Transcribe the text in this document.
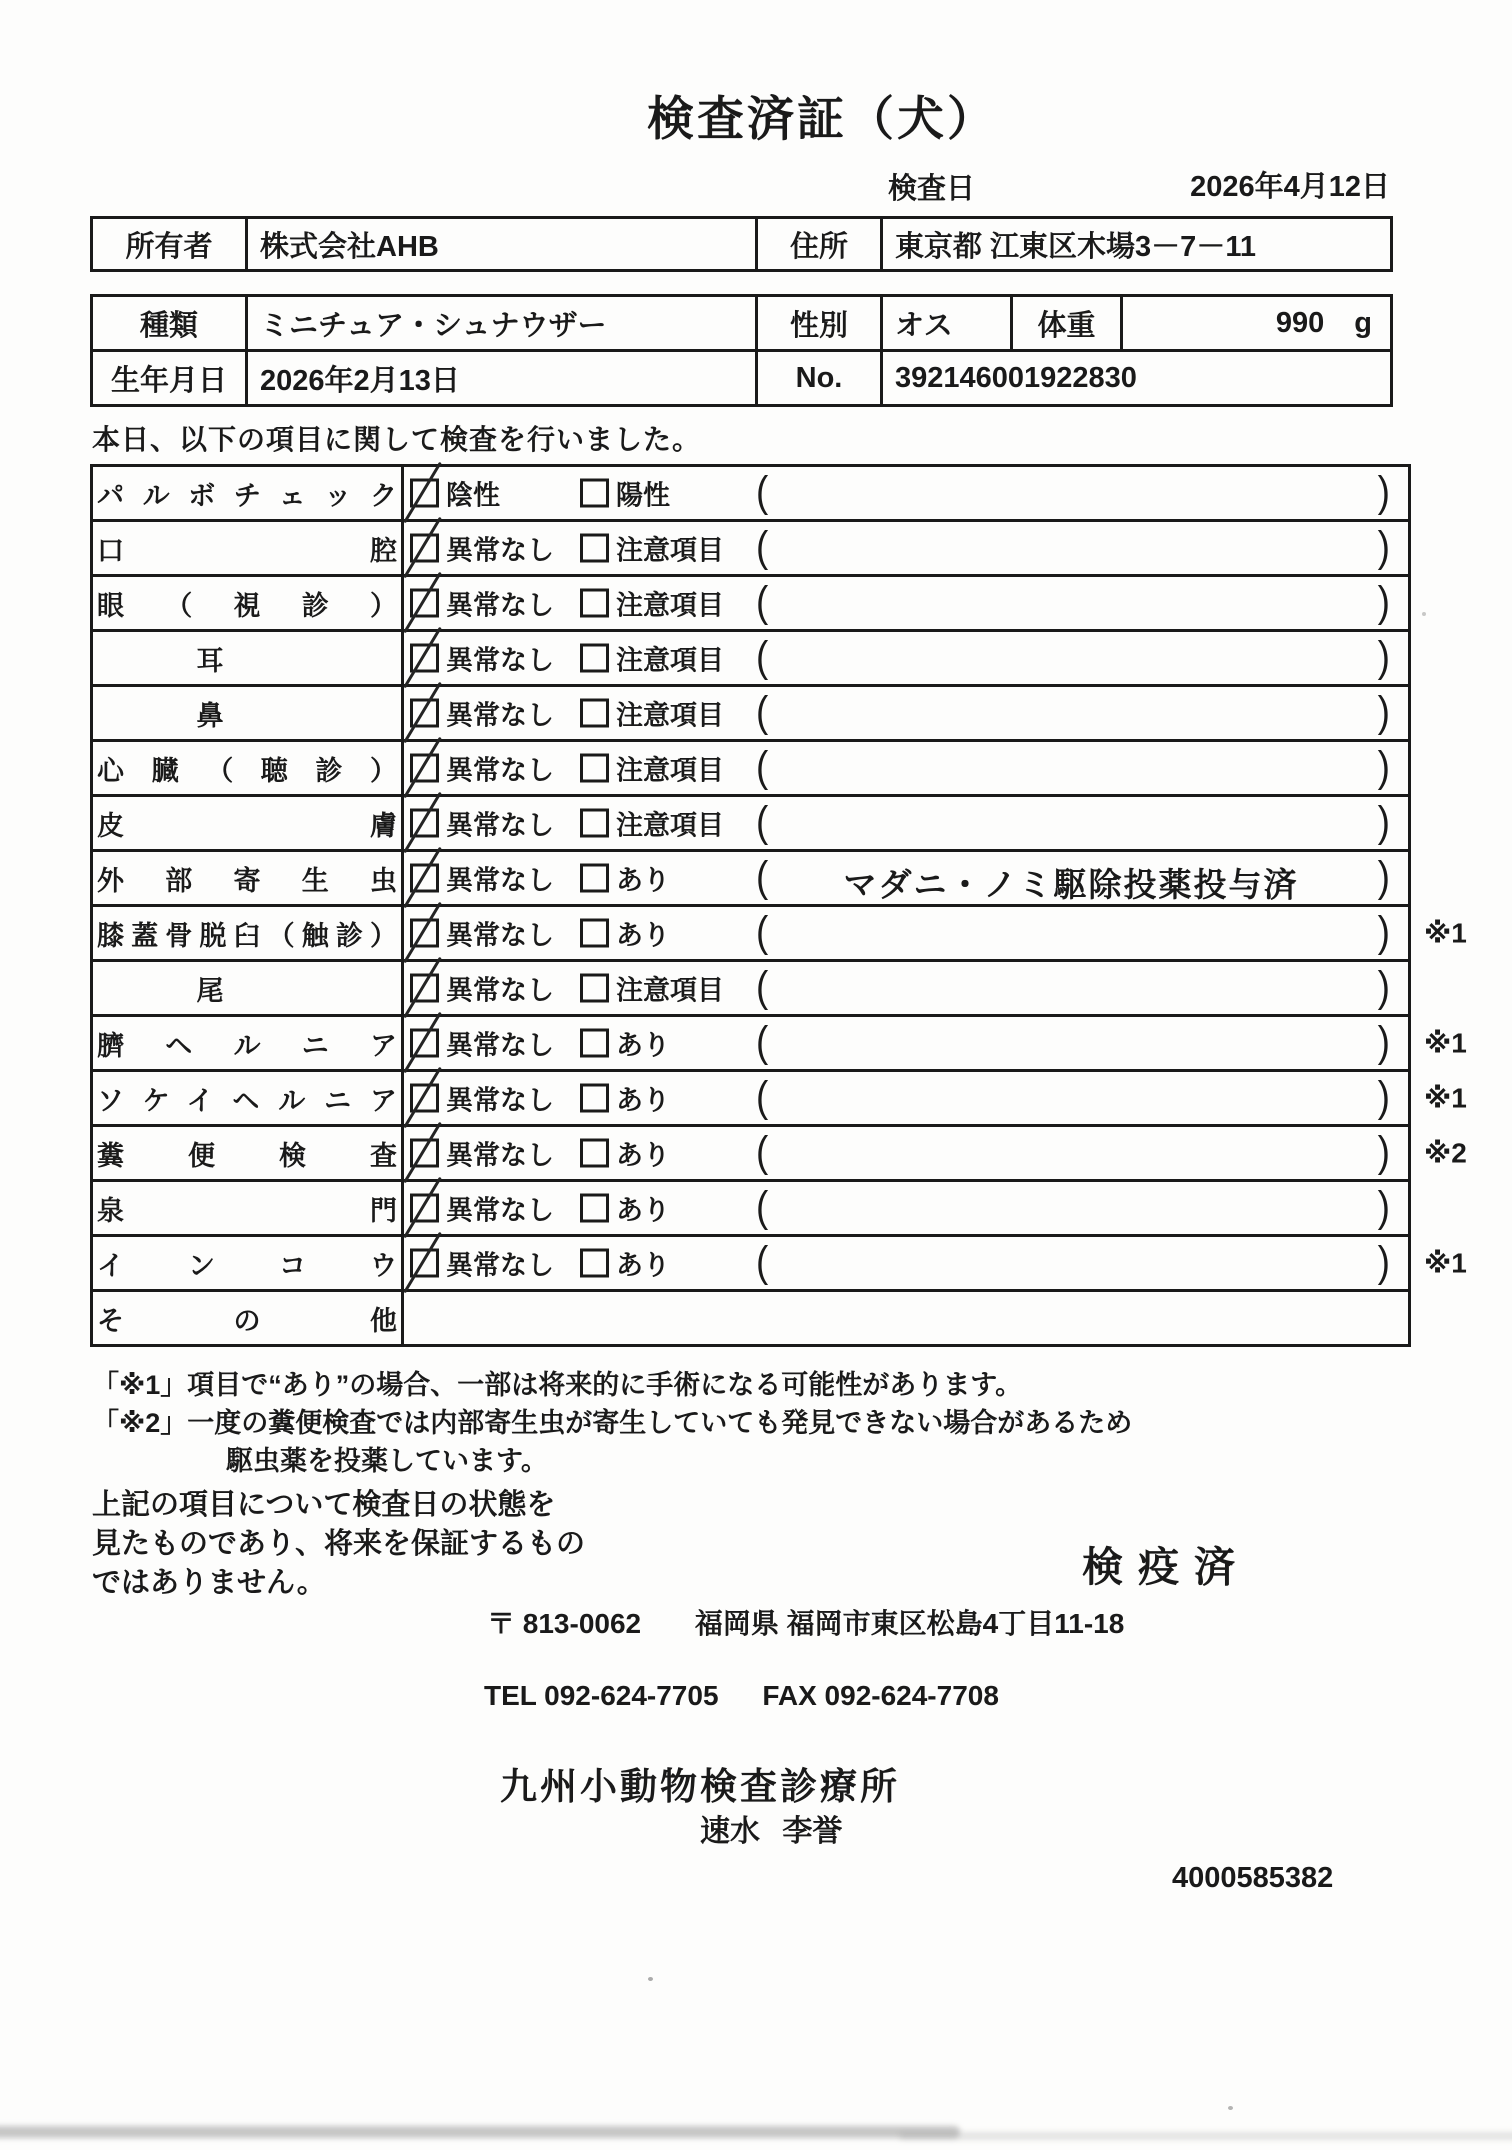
検査済証（犬）
検査日	2026年4月12日
所有者	株式会社AHB	住所	東京都 江東区木場3－7－11
種類	ミニチュア・シュナウザー	性別	オス	体重	990 g
生年月日	2026年2月13日	No.	392146001922830		
本日、以下の項目に関して検査を行いました。
パルボチェック 陰性	陽性 (	)
口腔 異常なし 注意項目 (	)
眼（視診） 異常なし 注意項目 (	)
耳	異常なし 注意項目 (	)
鼻	異常なし 注意項目 (	)
心臓（聴診） 異常なし 注意項目 (	)
皮膚 異常なし 注意項目 (	)
外部寄生虫 異常なし あり (	マダニ・ノミ駆除投薬投与済	)
膝蓋骨脱臼（触診） 異常なし あり (	) ※1
尾	異常なし 注意項目 (	)
臍ヘルニア 異常なし あり (	) ※1
ソケイヘルニア 異常なし あり (	) ※1
糞便検査 異常なし あり (	) ※2
泉門 異常なし あり (	)
インコウ 異常なし あり (	) ※1
その他
「※1」項目で“あり”の場合、一部は将来的に手術になる可能性があります。
「※2」一度の糞便検査では内部寄生虫が寄生していても発見できない場合があるため
駆虫薬を投薬しています。
上記の項目について検査日の状態を
見たものであり、将来を保証するもの
ではありません。	検疫済
〒 813-0062 福岡県 福岡市東区松島4丁目11-18
TEL 092-624-7705 FAX 092-624-7708
九州小動物検査診療所
速水 李誉
4000585382
